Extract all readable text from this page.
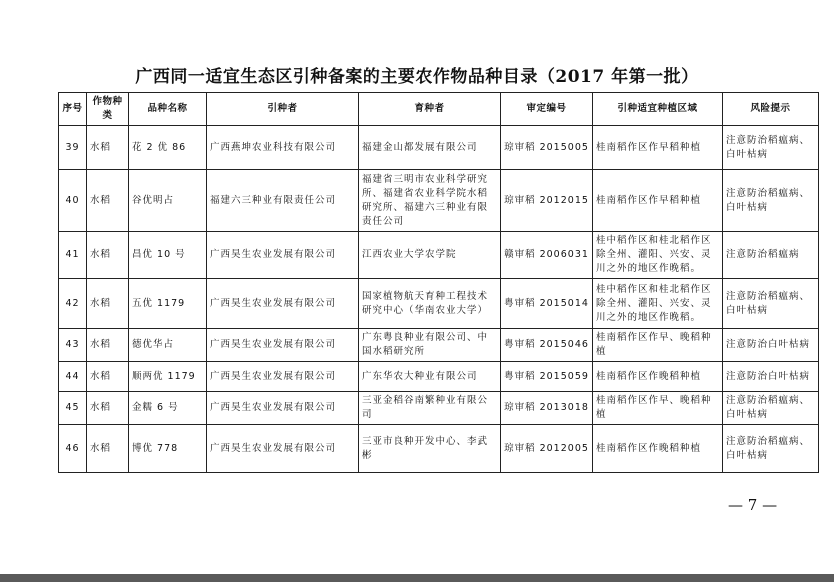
广西同一适宜生态区引种备案的主要农作物品种目录（2017 年第一批）
序号	作物种类	品种名称	引种者	育种者	审定编号	引种适宜种植区域	风险提示
39	水稻	花 2 优 86	广西燕坤农业科技有限公司	福建金山都发展有限公司	琼审稻 2015005	桂南稻作区作早稻种植	注意防治稻瘟病、白叶枯病
40	水稻	谷优明占	福建六三种业有限责任公司	福建省三明市农业科学研究所、福建省农业科学院水稻研究所、福建六三种业有限责任公司	琼审稻 2012015	桂南稻作区作早稻种植	注意防治稻瘟病、白叶枯病
41	水稻	昌优 10 号	广西昊生农业发展有限公司	江西农业大学农学院	赣审稻 2006031	桂中稻作区和桂北稻作区除全州、灌阳、兴安、灵川之外的地区作晚稻。	注意防治稻瘟病
42	水稻	五优 1179	广西昊生农业发展有限公司	国家植物航天育种工程技术研究中心（华南农业大学）	粤审稻 2015014	桂中稻作区和桂北稻作区除全州、灌阳、兴安、灵川之外的地区作晚稻。	注意防治稻瘟病、白叶枯病
43	水稻	德优华占	广西昊生农业发展有限公司	广东粤良种业有限公司、中国水稻研究所	粤审稻 2015046	桂南稻作区作早、晚稻种植	注意防治白叶枯病
44	水稻	顺两优 1179	广西昊生农业发展有限公司	广东华农大种业有限公司	粤审稻 2015059	桂南稻作区作晚稻种植	注意防治白叶枯病
45	水稻	金糯 6 号	广西昊生农业发展有限公司	三亚金稻谷南繁种业有限公司	琼审稻 2013018	桂南稻作区作早、晚稻种植	注意防治稻瘟病、白叶枯病
46	水稻	博优 778	广西昊生农业发展有限公司	三亚市良种开发中心、李武彬	琼审稻 2012005	桂南稻作区作晚稻种植	注意防治稻瘟病、白叶枯病
— 7 —
